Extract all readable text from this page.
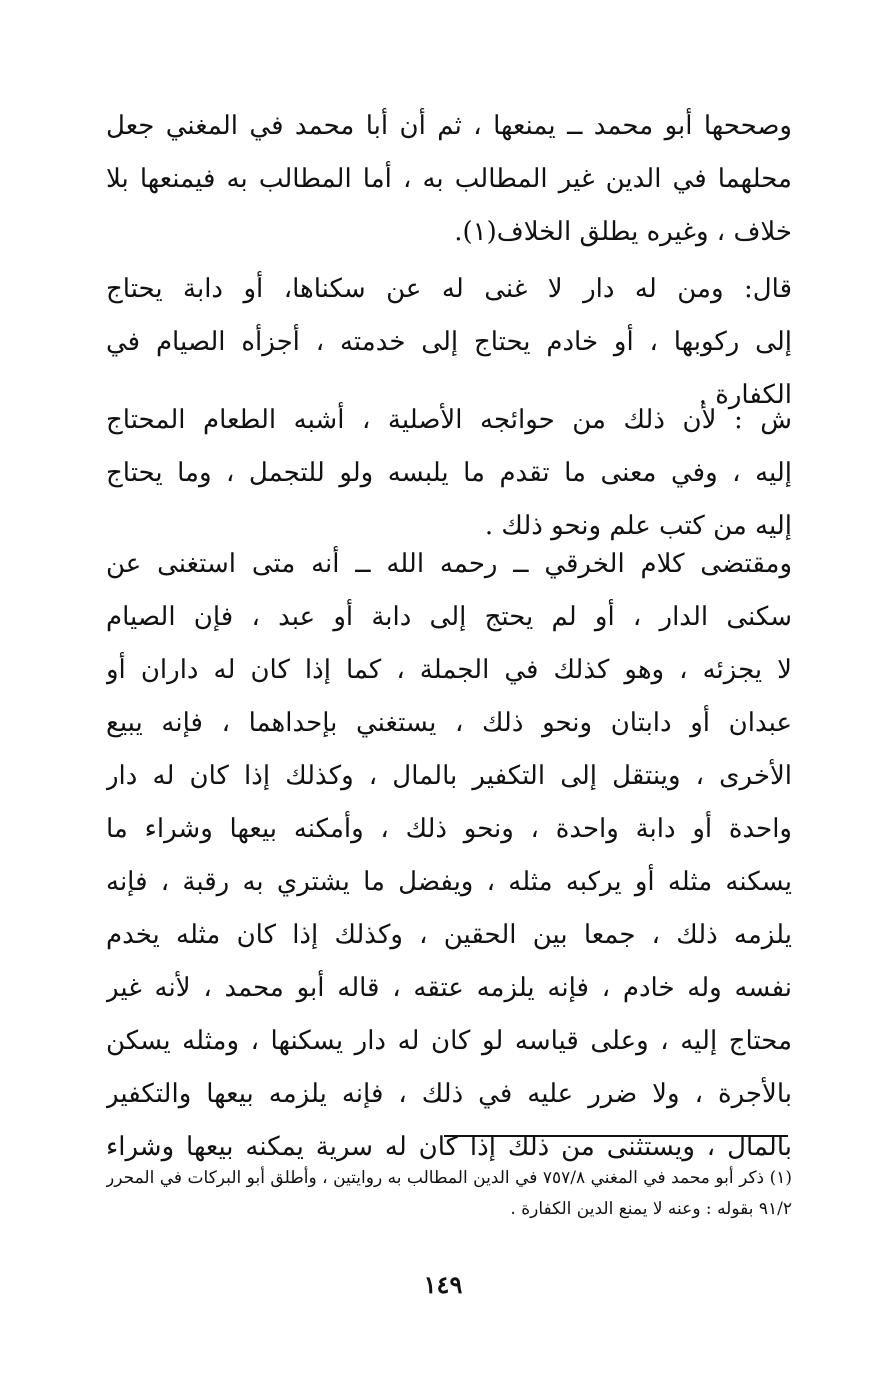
وصححها أبو محمد ــ يمنعها ، ثم أن أبا محمد في المغني جعل
محلهما في الدين غير المطالب به ، أما المطالب به فيمنعها بلا
خلاف ، وغيره يطلق الخلاف(١).
قال: ومن له دار لا غنى له عن سكناها، أو دابة يحتاج
إلى ركوبها ، أو خادم يحتاج إلى خدمته ، أجزأه الصيام في
الكفارة .
ش : لأن ذلك من حوائجه الأصلية ، أشبه الطعام المحتاج
إليه ، وفي معنى ما تقدم ما يلبسه ولو للتجمل ، وما يحتاج
إليه من كتب علم ونحو ذلك .
ومقتضى كلام الخرقي ــ رحمه الله ــ أنه متى استغنى عن
سكنى الدار ، أو لم يحتج إلى دابة أو عبد ، فإن الصيام
لا يجزئه ، وهو كذلك في الجملة ، كما إذا كان له داران أو
عبدان أو دابتان ونحو ذلك ، يستغني بإحداهما ، فإنه يبيع
الأخرى ، وينتقل إلى التكفير بالمال ، وكذلك إذا كان له دار
واحدة أو دابة واحدة ، ونحو ذلك ، وأمكنه بيعها وشراء ما
يسكنه مثله أو يركبه مثله ، ويفضل ما يشتري به رقبة ، فإنه
يلزمه ذلك ، جمعا بين الحقين ، وكذلك إذا كان مثله يخدم
نفسه وله خادم ، فإنه يلزمه عتقه ، قاله أبو محمد ، لأنه غير
محتاج إليه ، وعلى قياسه لو كان له دار يسكنها ، ومثله يسكن
بالأجرة ، ولا ضرر عليه في ذلك ، فإنه يلزمه بيعها والتكفير
بالمال ، ويستثنى من ذلك إذا كان له سرية يمكنه بيعها وشراء
(١) ذكر أبو محمد في المغني ٧٥٧/٨ في الدين المطالب به روايتين ، وأطلق أبو البركات في المحرر
٩١/٢ بقوله : وعنه لا يمنع الدين الكفارة .
١٤٩
